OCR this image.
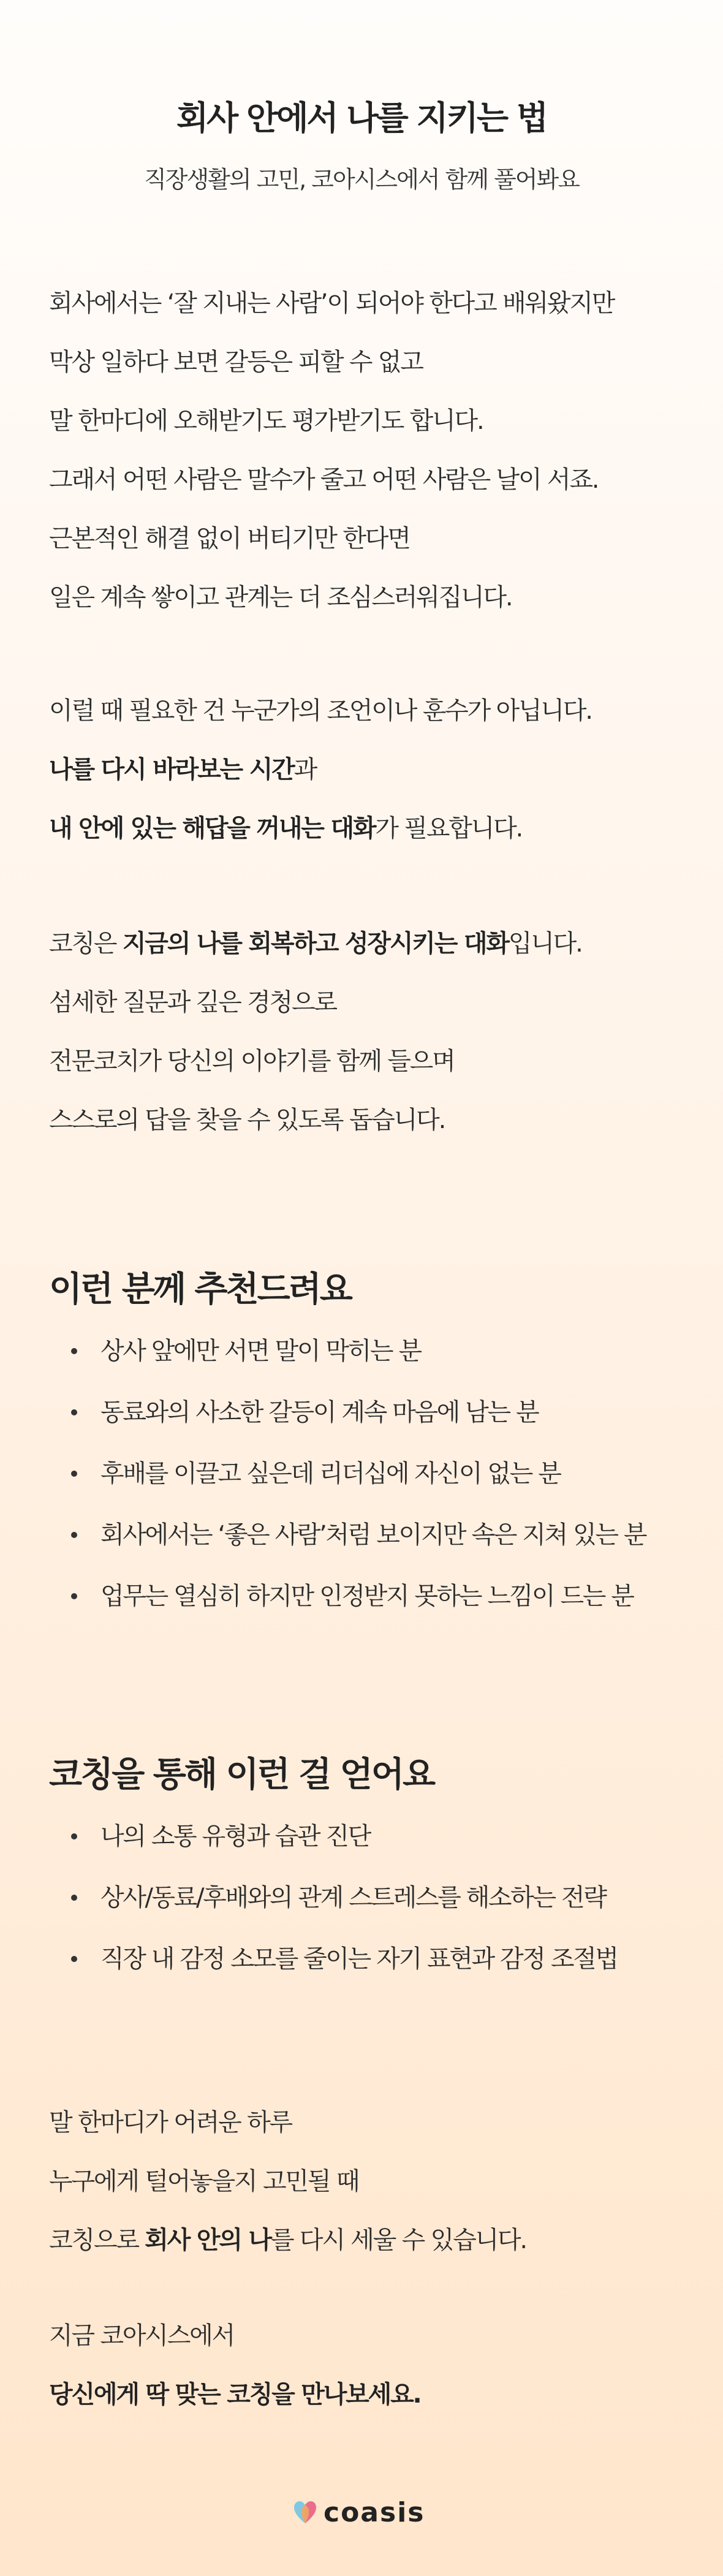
회사 안에서 나를 지키는 법
직장생활의 고민, 코아시스에서 함께 풀어봐요
회사에서는 ‘잘 지내는 사람’이 되어야 한다고 배워왔지만
막상 일하다 보면 갈등은 피할 수 없고
말 한마디에 오해받기도 평가받기도 합니다.
그래서 어떤 사람은 말수가 줄고 어떤 사람은 날이 서죠.
근본적인 해결 없이 버티기만 한다면
일은 계속 쌓이고 관계는 더 조심스러워집니다.
이럴 때 필요한 건 누군가의 조언이나 훈수가 아닙니다.
나를 다시 바라보는 시간과
내 안에 있는 해답을 꺼내는 대화가 필요합니다.
코칭은 지금의 나를 회복하고 성장시키는 대화입니다.
섬세한 질문과 깊은 경청으로
전문코치가 당신의 이야기를 함께 들으며
스스로의 답을 찾을 수 있도록 돕습니다.
이런 분께 추천드려요
상사 앞에만 서면 말이 막히는 분
동료와의 사소한 갈등이 계속 마음에 남는 분
후배를 이끌고 싶은데 리더십에 자신이 없는 분
회사에서는 ‘좋은 사람’처럼 보이지만 속은 지쳐 있는 분
업무는 열심히 하지만 인정받지 못하는 느낌이 드는 분
코칭을 통해 이런 걸 얻어요
나의 소통 유형과 습관 진단
상사/동료/후배와의 관계 스트레스를 해소하는 전략
직장 내 감정 소모를 줄이는 자기 표현과 감정 조절법
말 한마디가 어려운 하루
누구에게 털어놓을지 고민될 때
코칭으로 회사 안의 나를 다시 세울 수 있습니다.
지금 코아시스에서
당신에게 딱 맞는 코칭을 만나보세요.
coasis
